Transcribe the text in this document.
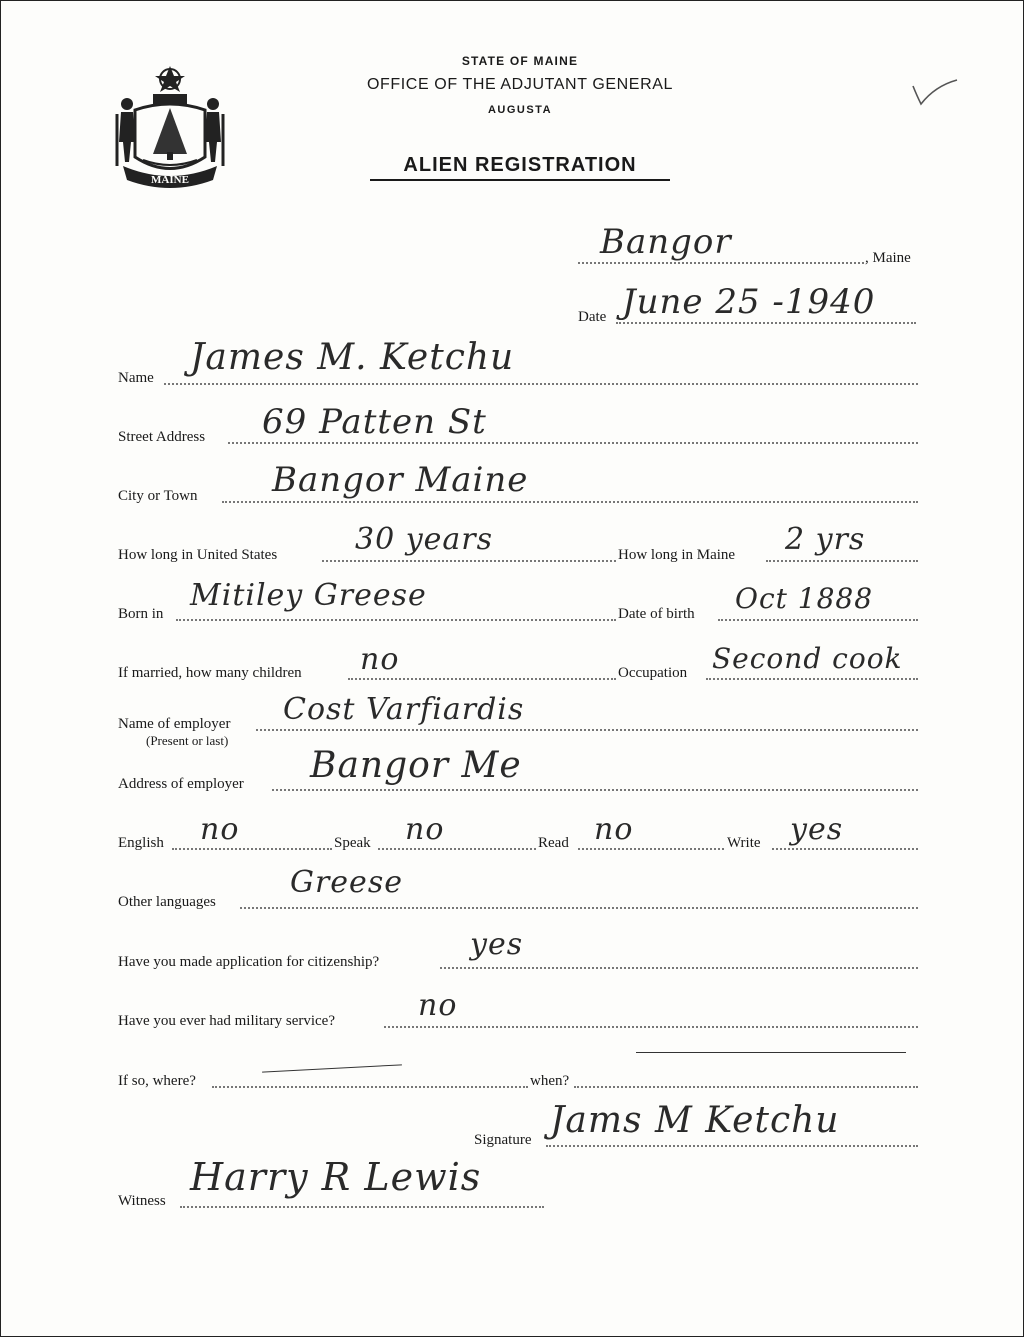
MAINE
STATE OF MAINE
OFFICE OF THE ADJUTANT GENERAL
AUGUSTA
ALIEN REGISTRATION
Bangor	, Maine
Date June 25 -1940
Name James M. Ketchu
Street Address 69 Patten St
City or Town Bangor Maine
How long in United States	30 years	How long in Maine 2 yrs
Born in
Mitiley Greese
Date of birth Oct 1888
If married, how many children no	Occupation Second cook
Name of employer
(Present or last)
Cost Varfiardis
Address of employer Bangor Me
English no	Speak no	Read no	Write yes
Other languages
Greese
Have you made application for citizenship?	yes
Have you ever had military service?	no
If so, where?	when?
Signature Jams M Ketchu
Witness
Harry R Lewis
